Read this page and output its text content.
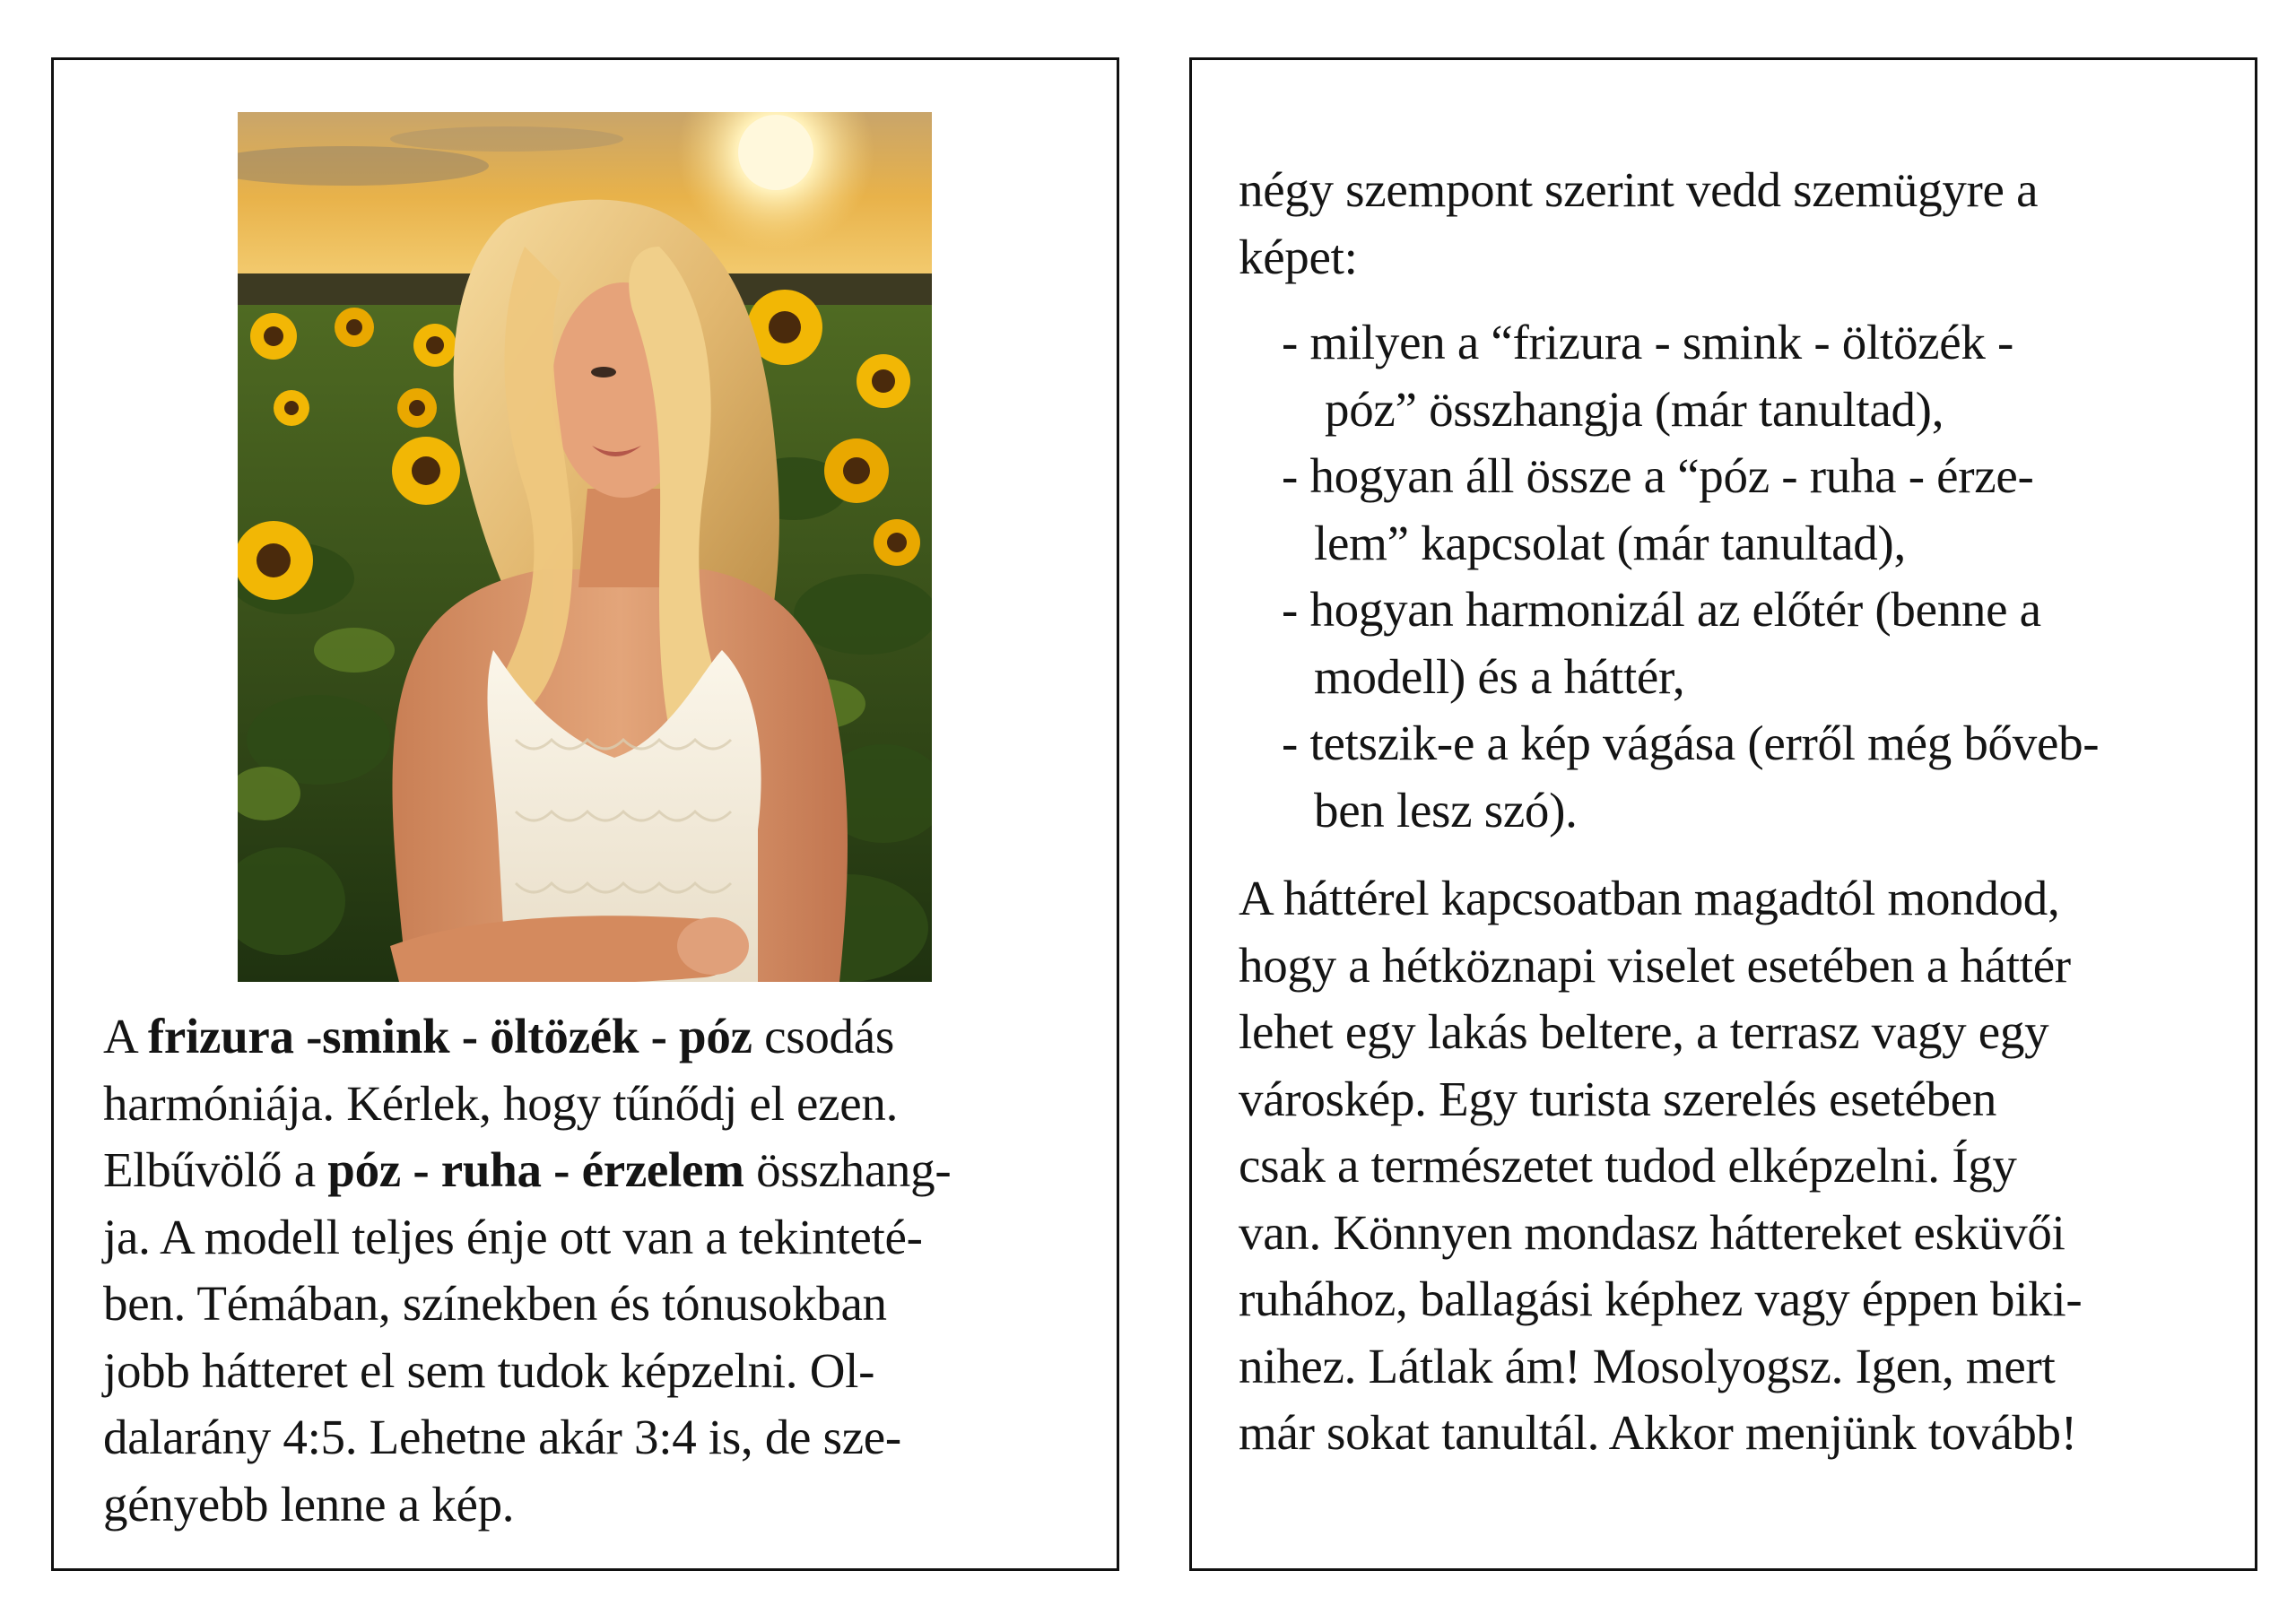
A frizura -smink - öltözék - póz csodás
harmóniája. Kérlek, hogy tűnődj el ezen.
Elbűvölő a póz - ruha - érzelem összhang-
ja. A modell teljes énje ott van a tekinteté-
ben. Témában, színekben és tónusokban
jobb hátteret el sem tudok képzelni. Ol-
dalarány 4:5. Lehetne akár 3:4 is, de sze-
gényebb lenne a kép.
négy szempont szerint vedd szemügyre a
képet:
- milyen a “frizura - smink - öltözék -
póz” összhangja (már tanultad),
- hogyan áll össze a “póz - ruha - érze-
lem” kapcsolat (már tanultad),
- hogyan harmonizál az előtér (benne a
modell) és a háttér,
- tetszik-e a kép vágása (erről még bőveb-
ben lesz szó).
A háttérel kapcsoatban magadtól mondod,
hogy a hétköznapi viselet esetében a háttér
lehet egy lakás beltere, a terrasz vagy egy
városkép. Egy turista szerelés esetében
csak a természetet tudod elképzelni. Így
van. Könnyen mondasz háttereket esküvői
ruhához, ballagási képhez vagy éppen biki-
nihez. Látlak ám! Mosolyogsz. Igen, mert
már sokat tanultál. Akkor menjünk tovább!
